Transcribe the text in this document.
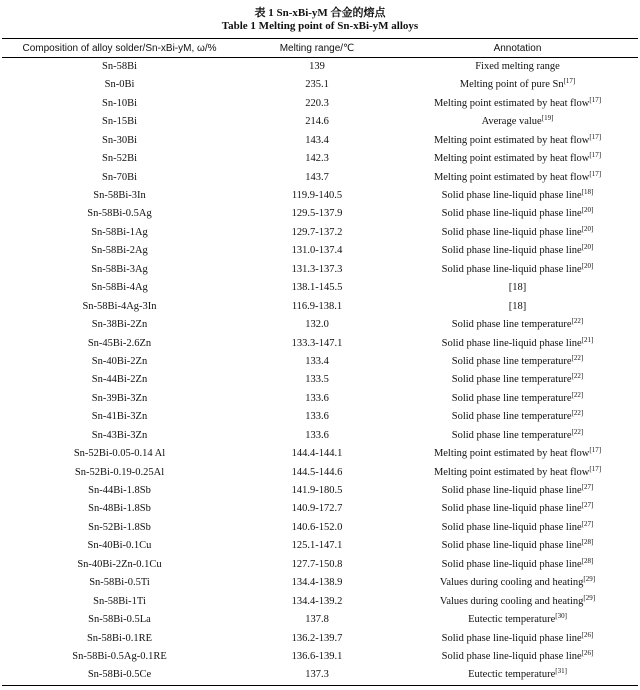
表 1 Sn-xBi-yM 合金的熔点
Table 1 Melting point of Sn-xBi-yM alloys
Composition of alloy solder/Sn-xBi-yM, ω/%	Melting range/℃	Annotation
Sn-58Bi	139	Fixed melting range
Sn-0Bi	235.1	Melting point of pure Sn[17]
Sn-10Bi	220.3	Melting point estimated by heat flow[17]
Sn-15Bi	214.6	Average value[19]
Sn-30Bi	143.4	Melting point estimated by heat flow[17]
Sn-52Bi	142.3	Melting point estimated by heat flow[17]
Sn-70Bi	143.7	Melting point estimated by heat flow[17]
Sn-58Bi-3In	119.9-140.5	Solid phase line-liquid phase line[18]
Sn-58Bi-0.5Ag	129.5-137.9	Solid phase line-liquid phase line[20]
Sn-58Bi-1Ag	129.7-137.2	Solid phase line-liquid phase line[20]
Sn-58Bi-2Ag	131.0-137.4	Solid phase line-liquid phase line[20]
Sn-58Bi-3Ag	131.3-137.3	Solid phase line-liquid phase line[20]
Sn-58Bi-4Ag	138.1-145.5	[18]
Sn-58Bi-4Ag-3In	116.9-138.1	[18]
Sn-38Bi-2Zn	132.0	Solid phase line temperature[22]
Sn-45Bi-2.6Zn	133.3-147.1	Solid phase line-liquid phase line[21]
Sn-40Bi-2Zn	133.4	Solid phase line temperature[22]
Sn-44Bi-2Zn	133.5	Solid phase line temperature[22]
Sn-39Bi-3Zn	133.6	Solid phase line temperature[22]
Sn-41Bi-3Zn	133.6	Solid phase line temperature[22]
Sn-43Bi-3Zn	133.6	Solid phase line temperature[22]
Sn-52Bi-0.05-0.14 Al	144.4-144.1	Melting point estimated by heat flow[17]
Sn-52Bi-0.19-0.25Al	144.5-144.6	Melting point estimated by heat flow[17]
Sn-44Bi-1.8Sb	141.9-180.5	Solid phase line-liquid phase line[27]
Sn-48Bi-1.8Sb	140.9-172.7	Solid phase line-liquid phase line[27]
Sn-52Bi-1.8Sb	140.6-152.0	Solid phase line-liquid phase line[27]
Sn-40Bi-0.1Cu	125.1-147.1	Solid phase line-liquid phase line[28]
Sn-40Bi-2Zn-0.1Cu	127.7-150.8	Solid phase line-liquid phase line[28]
Sn-58Bi-0.5Ti	134.4-138.9	Values during cooling and heating[29]
Sn-58Bi-1Ti	134.4-139.2	Values during cooling and heating[29]
Sn-58Bi-0.5La	137.8	Eutectic temperature[30]
Sn-58Bi-0.1RE	136.2-139.7	Solid phase line-liquid phase line[26]
Sn-58Bi-0.5Ag-0.1RE	136.6-139.1	Solid phase line-liquid phase line[26]
Sn-58Bi-0.5Ce	137.3	Eutectic temperature[31]
